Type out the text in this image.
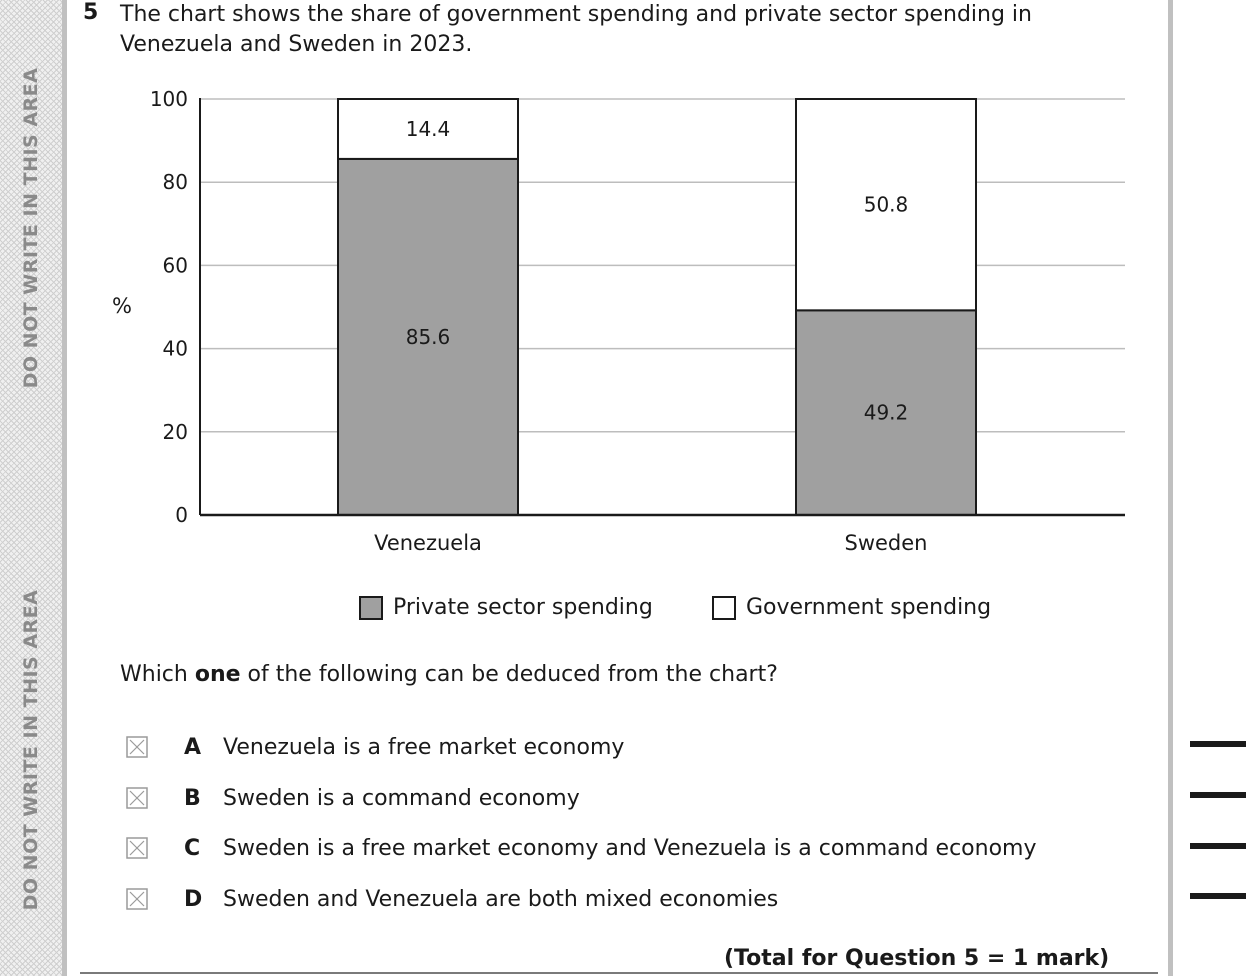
DO NOT WRITE IN THIS AREA
DO NOT WRITE IN THIS AREA
5 The chart shows the share of government spending and private sector spending in
Venezuela and Sweden in 2023.
0
20
40
60
80
100
%
85.6
14.4
Venezuela
49.2
50.8
Sweden
Private sector spending	Government spending
Which one of the following can be deduced from the chart?
A Venezuela is a free market economy
B Sweden is a command economy
C Sweden is a free market economy and Venezuela is a command economy
D Sweden and Venezuela are both mixed economies
(Total for Question 5 = 1 mark)
